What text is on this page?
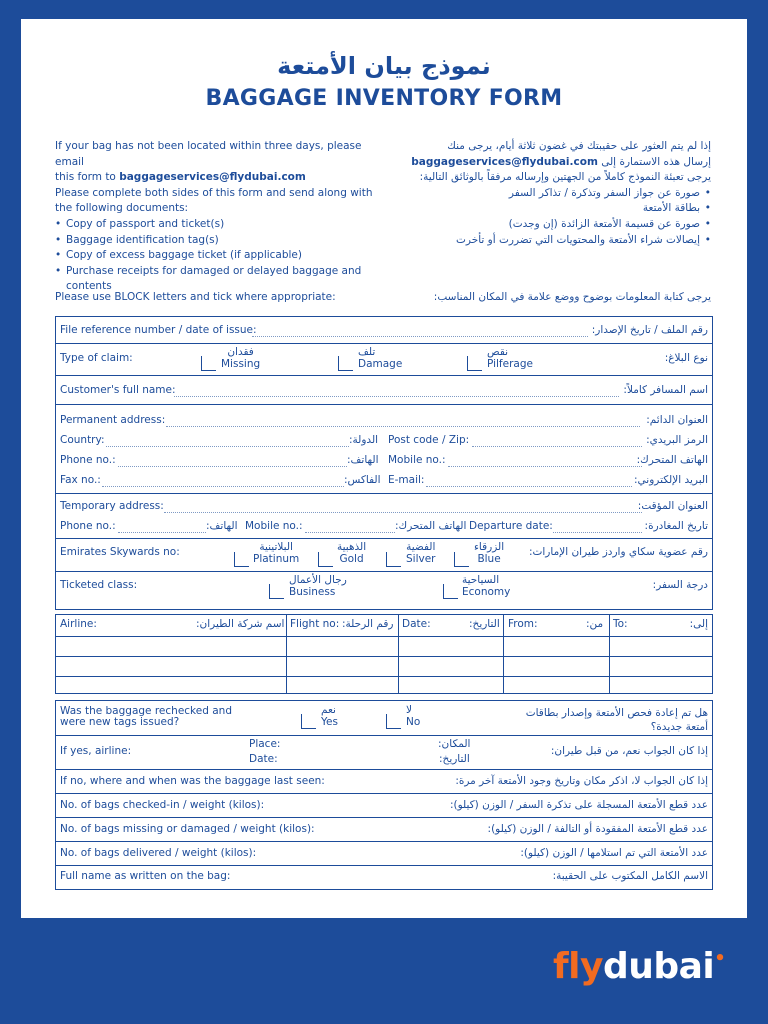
نموذج بيان الأمتعة
BAGGAGE INVENTORY FORM

If your bag has not been located within three days, please email
this form to baggageservices@flydubai.com

Please complete both sides of this form and send along with the following documents:

• Copy of passport and ticket(s)
• Baggage identification tag(s)
• Copy of excess baggage ticket (if applicable)
• Purchase receipts for damaged or delayed baggage and contents

إذا لم يتم العثور على حقيبتك في غضون ثلاثة أيام، يرجى منك
إرسال هذه الاستمارة إلى baggageservices@flydubai.com

يرجى تعبئة النموذج كاملاً من الجهتين وإرساله مرفقاً بالوثائق التالية:

• صورة عن جواز السفر وتذكرة / تذاكر السفر
• بطاقة الأمتعة
• صورة عن قسيمة الأمتعة الزائدة (إن وجدت)
• إيصالات شراء الأمتعة والمحتويات التي تضررت أو تأخرت
Please use BLOCK letters and tick where appropriate:	يرجى كتابة المعلومات بوضوح ووضع علامة في المكان المناسب:
File reference number / date of issue:	رقم الملف / تاريخ الإصدار:
Type of claim:	فقدان
Missing
تلف
Damage
نقص
Pilferage	نوع البلاغ:
Customer's full name:	اسم المسافر كاملاً:
Permanent address:	العنوان الدائم:
Country:	الدولة: Post code / Zip:	الرمز البريدي:
Phone no.:	الهاتف: Mobile no.:	الهاتف المتحرك:
Fax no.:	الفاكس: E-mail:	البريد الإلكتروني:
Temporary address:	العنوان المؤقت:
Phone no.:	الهاتف: Mobile no.:	الهاتف المتحرك: Departure date:	تاريخ المغادرة:
Emirates Skywards no:	البلاتينية
Platinum
الذهبية
Gold
الفضية
Silver
الزرقاء
Blue
رقم عضوية سكاي واردز طيران الإمارات:
Ticketed class:	رجال الأعمال
Business
السياحية
Economy
درجة السفر:
Airline:	اسم شركة الطيران: Flight no: رقم الرحلة: Date:	التاريخ: From:	من: To:	إلى:
Was the baggage rechecked and
were new tags issued?
نعم
Yes
لا
No
هل تم إعادة فحص الأمتعة وإصدار بطاقات
أمتعة جديدة؟
If yes, airline:
Place:
Date:
المكان:
التاريخ:
إذا كان الجواب نعم، من قبل طيران:
If no, where and when was the baggage last seen:	إذا كان الجواب لا، اذكر مكان وتاريخ وجود الأمتعة آخر مرة:
No. of bags checked-in / weight (kilos):	عدد قطع الأمتعة المسجلة على تذكرة السفر / الوزن (كيلو):
No. of bags missing or damaged / weight (kilos):	عدد قطع الأمتعة المفقودة أو التالفة / الوزن (كيلو):
No. of bags delivered / weight (kilos):	عدد الأمتعة التي تم استلامها / الوزن (كيلو):
Full name as written on the bag:	الاسم الكامل المكتوب على الحقيبة:
flydubai•
